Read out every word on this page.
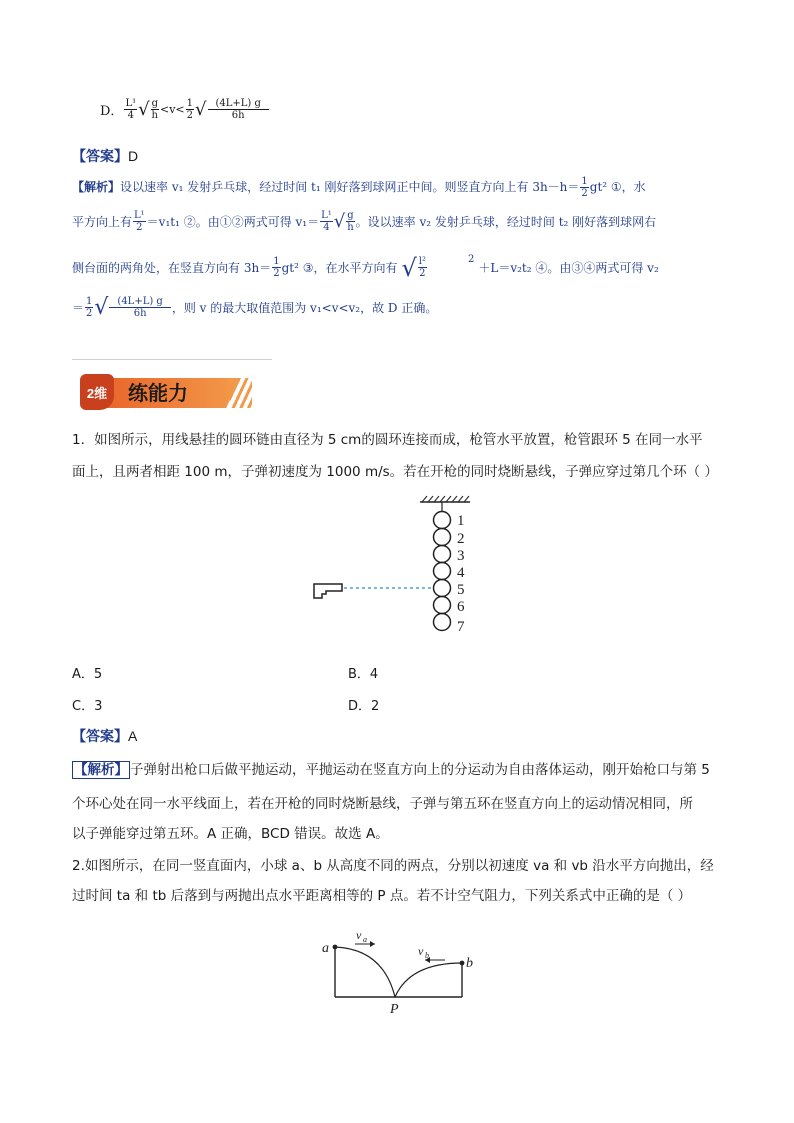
D． $\frac{\text{L¹}}{4}$ √ $\frac{g}{h} <v< \frac{1}{2}$ √ $\frac{(4L+L) g}{6h}$
【答案】D
【解析】设以速率 v₁ 发射乒乓球，经过时间 t₁ 刚好落到球网正中间。则竖直方向上有 $3h-h= \frac{1}{2} gt^2$ ①，水
平方向上有 $\frac{\text{L¹}}{2} =v_1t_1$ ②。由①②两式可得 $v_1= \frac{\text{L¹}}{4}$ √ $\frac{g}{h}$ 。设以速率 v₂ 发射乒乓球，经过时间 t₂ 刚好落到球网右
侧台面的两角处，在竖直方向有 $3h= \frac{1}{2} gt^2$ ③，在水平方向有 √ $\frac{\text{l²}}{2}$	2
＋L＝v₂t₂ ④。由③④两式可得 v₂
＝ $\frac{1}{2}$ √ $\frac{(4L+L) g}{6h}$ ，则 v 的最大取值范围为 v₁<v<v₂，故 D 正确。
2维 练能力
1．如图所示，用线悬挂的圆环链由直径为 5 cm的圆环连接而成，枪管水平放置，枪管跟环 5 在同一水平
面上，且两者相距 100 m，子弹初速度为 1000 m/s。若在开枪的同时烧断悬线，子弹应穿过第几个环（ ）
1
2
3
4
5
6
7
A．5	B．4
C．3	D．2
【答案】A
【解析】 子弹射出枪口后做平抛运动，平抛运动在竖直方向上的分运动为自由落体运动，刚开始枪口与第 5
个环心处在同一水平线面上，若在开枪的同时烧断悬线，子弹与第五环在竖直方向上的运动情况相同，所
以子弹能穿过第五环。A 正确，BCD 错误。故选 A。
2.如图所示，在同一竖直面内，小球 a、b 从高度不同的两点，分别以初速度 va 和 vb 沿水平方向抛出，经
过时间 ta 和 tb 后落到与两抛出点水平距离相等的 P 点。若不计空气阻力，下列关系式中正确的是（ ）
a
b
P
v a
v b
